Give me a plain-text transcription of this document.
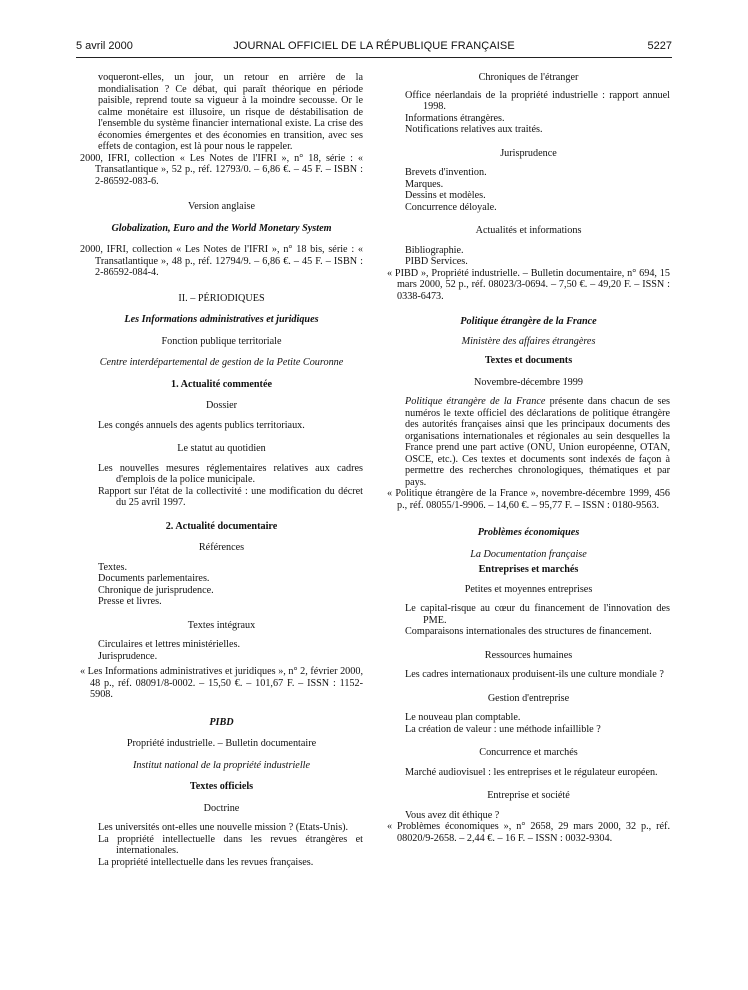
5 avril 2000	JOURNAL OFFICIEL DE LA RÉPUBLIQUE FRANÇAISE	5227

voqueront-elles, un jour, un retour en arrière de la mondialisation ? Ce débat, qui paraît théorique en période paisible, reprend toute sa vigueur à la moindre secousse. Or le calme monétaire est illusoire, un risque de déstabilisation de l'ensemble du système financier international existe. La crise des économies émergentes et des économies en transition, avec ses effets de contagion, est là pour nous le rappeler.

2000, IFRI, collection « Les Notes de l'IFRI », n° 18, série : « Transatlantique », 52 p., réf. 12793/0. – 6,86 €. – 45 F. – ISBN : 2-86592-083-6.

Version anglaise

Globalization, Euro and the World Monetary System

2000, IFRI, collection « Les Notes de l'IFRI », n° 18 bis, série : « Transatlantique », 48 p., réf. 12794/9. – 6,86 €. – 45 F. – ISBN : 2-86592-084-4.

II. – PÉRIODIQUES

Les Informations administratives et juridiques

Fonction publique territoriale

Centre interdépartemental de gestion de la Petite Couronne

1. Actualité commentée

Dossier

Les congés annuels des agents publics territoriaux.

Le statut au quotidien

Les nouvelles mesures réglementaires relatives aux cadres d'emplois de la police municipale.

Rapport sur l'état de la collectivité : une modification du décret du 25 avril 1997.

2. Actualité documentaire

Références

Textes.

Documents parlementaires.

Chronique de jurisprudence.

Presse et livres.

Textes intégraux

Circulaires et lettres ministérielles.

Jurisprudence.

« Les Informations administratives et juridiques », n° 2, février 2000, 48 p., réf. 08091/8-0002. – 15,50 €. – 101,67 F. – ISSN : 1152-5908.

PIBD

Propriété industrielle. – Bulletin documentaire

Institut national de la propriété industrielle

Textes officiels

Doctrine

Les universités ont-elles une nouvelle mission ? (Etats-Unis).

La propriété intellectuelle dans les revues étrangères et internationales.

La propriété intellectuelle dans les revues françaises.

Chroniques de l'étranger

Office néerlandais de la propriété industrielle : rapport annuel 1998.

Informations étrangères.

Notifications relatives aux traités.

Jurisprudence

Brevets d'invention.

Marques.

Dessins et modèles.

Concurrence déloyale.

Actualités et informations

Bibliographie.

PIBD Services.

« PIBD », Propriété industrielle. – Bulletin documentaire, n° 694, 15 mars 2000, 52 p., réf. 08023/3-0694. – 7,50 €. – 49,20 F. – ISSN : 0338-6473.

Politique étrangère de la France

Ministère des affaires étrangères

Textes et documents

Novembre-décembre 1999

Politique étrangère de la France présente dans chacun de ses numéros le texte officiel des déclarations de politique étrangère des autorités françaises ainsi que les principaux documents des organisations internationales et régionales au sein desquelles la France prend une part active (ONU, Union européenne, OTAN, OSCE, etc.). Ces textes et documents sont indexés de façon à permettre des recherches chronologiques, thématiques et par pays.

« Politique étrangère de la France », novembre-décembre 1999, 456 p., réf. 08055/1-9906. – 14,60 €. – 95,77 F. – ISSN : 0180-9563.

Problèmes économiques

La Documentation française

Entreprises et marchés

Petites et moyennes entreprises

Le capital-risque au cœur du financement de l'innovation des PME.

Comparaisons internationales des structures de financement.

Ressources humaines

Les cadres internationaux produisent-ils une culture mondiale ?

Gestion d'entreprise

Le nouveau plan comptable.

La création de valeur : une méthode infaillible ?

Concurrence et marchés

Marché audiovisuel : les entreprises et le régulateur européen.

Entreprise et société

Vous avez dit éthique ?

« Problèmes économiques », n° 2658, 29 mars 2000, 32 p., réf. 08020/9-2658. – 2,44 €. – 16 F. – ISSN : 0032-9304.
